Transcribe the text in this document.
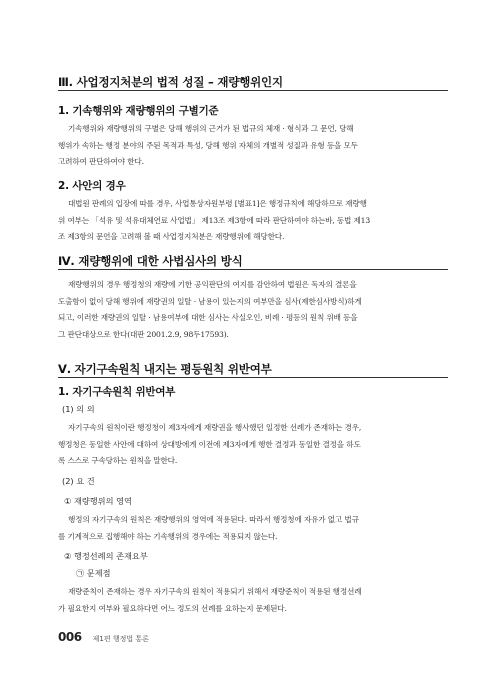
Ⅲ. 사업정지처분의 법적 성질 – 재량행위인지
1. 기속행위와 재량행위의 구별기준
기속행위와 재량행위의 구별은 당해 행위의 근거가 된 법규의 체재 · 형식과 그 문언, 당해
행위가 속하는 행정 분야의 주된 목적과 특성, 당해 행위 자체의 개별적 성질과 유형 등을 모두
고려하여 판단하여야 한다.
2. 사안의 경우
대법원 판례의 입장에 따를 경우, 사업통상자원부령 [별표1]은 행정규칙에 해당하므로 재량행
위 여부는 「석유 및 석유대체연료 사업법」 제13조 제3항에 따라 판단하여야 하는바, 동법 제13
조 제3항의 문언을 고려해 볼 때 사업정지처분은 재량행위에 해당한다.
Ⅳ. 재량행위에 대한 사법심사의 방식
재량행위의 경우 행정청의 재량에 기한 공익판단의 여지를 감안하여 법원은 독자의 결론을
도출함이 없이 당해 행위에 재량권의 일탈 · 남용이 있는지의 여부만을 심사(제한심사방식)하게
되고, 이러한 재량권의 일탈 · 남용여부에 대한 심사는 사실오인, 비례 · 평등의 원칙 위배 등을
그 판단대상으로 한다(대판 2001.2.9, 98두17593).
Ⅴ. 자기구속원칙 내지는 평등원칙 위반여부
1. 자기구속원칙 위반여부
(1) 의 의
자기구속의 원칙이란 행정청이 제3자에게 재량권을 행사했던 일정한 선례가 존재하는 경우,
행정청은 동일한 사안에 대하여 상대방에게 이전에 제3자에게 행한 결정과 동일한 결정을 하도
록 스스로 구속당하는 원칙을 말한다.
(2) 요 건
① 재량행위의 영역
행정의 자기구속의 원칙은 재량행위의 영역에 적용된다. 따라서 행정청에 자유가 없고 법규
를 기계적으로 집행해야 하는 기속행위의 경우에는 적용되지 않는다.
② 행정선례의 존재요부
㉠ 문제점
재량준칙이 존재하는 경우 자기구속의 원칙이 적용되기 위해서 재량준칙이 적용된 행정선례
가 필요한지 여부와 필요하다면 어느 정도의 선례를 요하는지 문제된다.
006 제1편 행정법 통론
